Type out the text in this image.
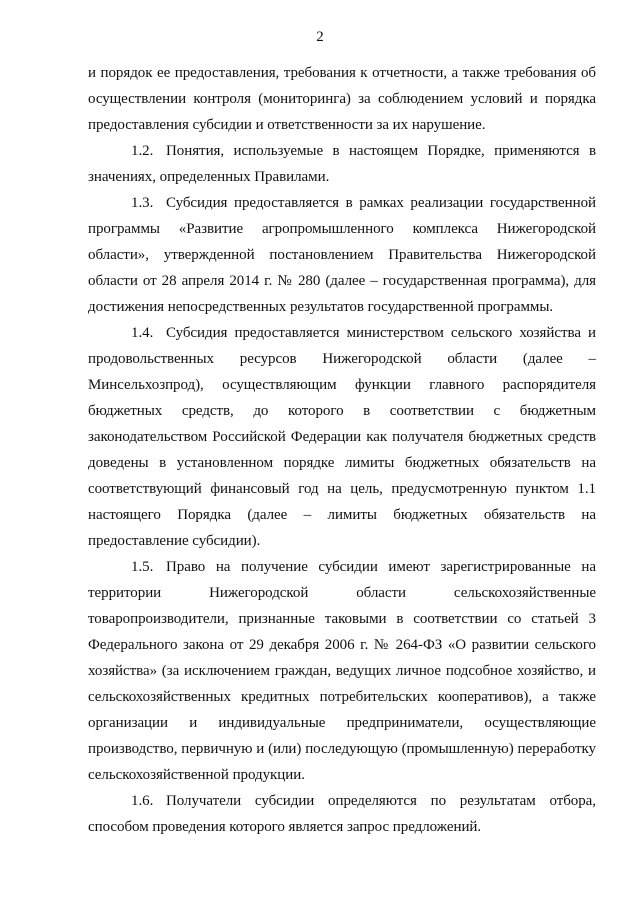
2

и порядок ее предоставления, требования к отчетности, а также требования об осуществлении контроля (мониторинга) за соблюдением условий и порядка предоставления субсидии и ответственности за их нарушение.

1.2. Понятия, используемые в настоящем Порядке, применяются в значениях, определенных Правилами.

1.3. Субсидия предоставляется в рамках реализации государственной программы «Развитие агропромышленного комплекса Нижегородской области», утвержденной постановлением Правительства Нижегородской области от 28 апреля 2014 г. № 280 (далее – государственная программа), для достижения непосредственных результатов государственной программы.

1.4. Субсидия предоставляется министерством сельского хозяйства и продовольственных ресурсов Нижегородской области (далее – Минсельхозпрод), осуществляющим функции главного распорядителя бюджетных средств, до которого в соответствии с бюджетным законодательством Российской Федерации как получателя бюджетных средств доведены в установленном порядке лимиты бюджетных обязательств на соответствующий финансовый год на цель, предусмотренную пунктом 1.1 настоящего Порядка (далее – лимиты бюджетных обязательств на предоставление субсидии).

1.5. Право на получение субсидии имеют зарегистрированные на территории Нижегородской области сельскохозяйственные товаропроизводители, признанные таковыми в соответствии со статьей 3 Федерального закона от 29 декабря 2006 г. № 264-ФЗ «О развитии сельского хозяйства» (за исключением граждан, ведущих личное подсобное хозяйство, и сельскохозяйственных кредитных потребительских кооперативов), а также организации и индивидуальные предприниматели, осуществляющие производство, первичную и (или) последующую (промышленную) переработку сельскохозяйственной продукции.

1.6. Получатели субсидии определяются по результатам отбора, способом проведения которого является запрос предложений.
